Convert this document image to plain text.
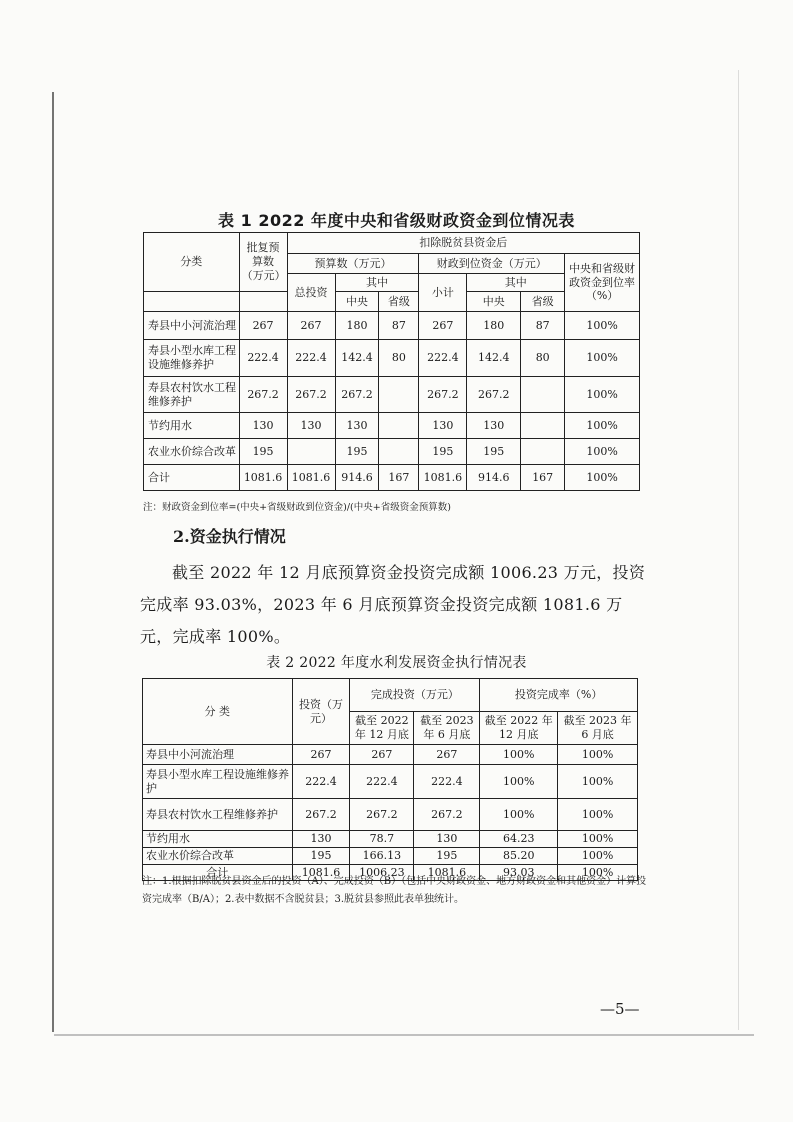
表 1 2022 年度中央和省级财政资金到位情况表
分类	批复预算数（万元）	扣除脱贫县资金后						
		预算数（万元）			财政到位资金（万元）			中央和省级财政资金到位率（%）
		总投资	其中		小计	其中		
			中央	省级		中央	省级	
寿县中小河流治理	267	267	180	87	267	180	87	100%
寿县小型水库工程设施维修养护	222.4	222.4	142.4	80	222.4	142.4	80	100%
寿县农村饮水工程维修养护	267.2	267.2	267.2		267.2	267.2		100%
节约用水	130	130	130		130	130		100%
农业水价综合改革	195		195		195	195		100%
合计	1081.6	1081.6	914.6	167	1081.6	914.6	167	100%
注：财政资金到位率=(中央+省级财政到位资金)/(中央+省级资金预算数)
2.资金执行情况
截至 2022 年 12 月底预算资金投资完成额 1006.23 万元，投资完成率 93.03%，2023 年 6 月底预算资金投资完成额 1081.6 万元，完成率 100%。
表 2 2022 年度水利发展资金执行情况表
分 类	投资（万元）	完成投资（万元）		投资完成率（%）	
		截至 2022 年 12 月底	截至 2023 年 6 月底	截至 2022 年 12 月底	截至 2023 年 6 月底
寿县中小河流治理	267	267	267	100%	100%
寿县小型水库工程设施维修养护	222.4	222.4	222.4	100%	100%
寿县农村饮水工程维修养护	267.2	267.2	267.2	100%	100%
节约用水	130	78.7	130	64.23	100%
农业水价综合改革	195	166.13	195	85.20	100%
合计	1081.6	1006.23	1081.6	93.03	100%
注：1.根据扣除脱贫县资金后的投资（A）、完成投资（B）（包括中央财政资金、地方财政资金和其他资金）计算投资完成率（B/A）；2.表中数据不含脱贫县；3.脱贫县参照此表单独统计。
—5—
